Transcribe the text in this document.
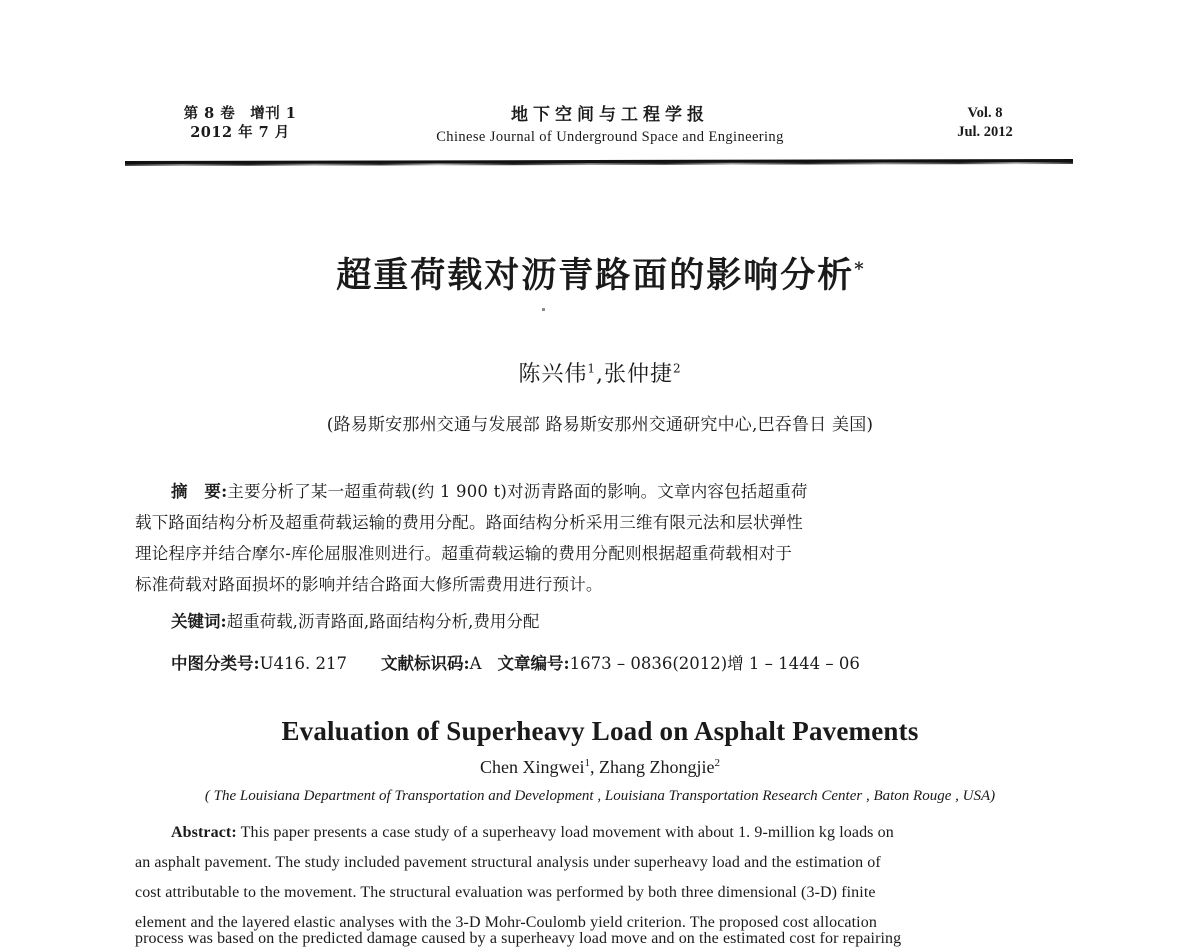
第 8 卷　增刊 1
2012 年 7 月
地下空间与工程学报
Chinese Journal of Underground Space and Engineering
Vol. 8
Jul. 2012
超重荷载对沥青路面的影响分析*
陈兴伟$^1$,张仲捷$^2$
(路易斯安那州交通与发展部 路易斯安那州交通研究中心,巴吞鲁日 美国)
摘　要:主要分析了某一超重荷载(约 1 900 t)对沥青路面的影响。文章内容包括超重荷
载下路面结构分析及超重荷载运输的费用分配。路面结构分析采用三维有限元法和层状弹性
理论程序并结合摩尔-库伦屈服准则进行。超重荷载运输的费用分配则根据超重荷载相对于
标准荷载对路面损坏的影响并结合路面大修所需费用进行预计。
关键词:超重荷载,沥青路面,路面结构分析,费用分配
中图分类号:U416. 217 文献标识码:A 文章编号:1673 – 0836(2012)增 1 – 1444 – 06
Evaluation of Superheavy Load on Asphalt Pavements
Chen Xingwei$^1$, Zhang Zhongjie$^2$
( The Louisiana Department of Transportation and Development , Louisiana Transportation Research Center , Baton Rouge , USA)
Abstract: This paper presents a case study of a superheavy load movement with about 1. 9-million kg loads on
an asphalt pavement. The study included pavement structural analysis under superheavy load and the estimation of
cost attributable to the movement. The structural evaluation was performed by both three dimensional (3-D) finite
element and the layered elastic analyses with the 3-D Mohr-Coulomb yield criterion. The proposed cost allocation
process was based on the predicted damage caused by a superheavy load move and on the estimated cost for repairing
